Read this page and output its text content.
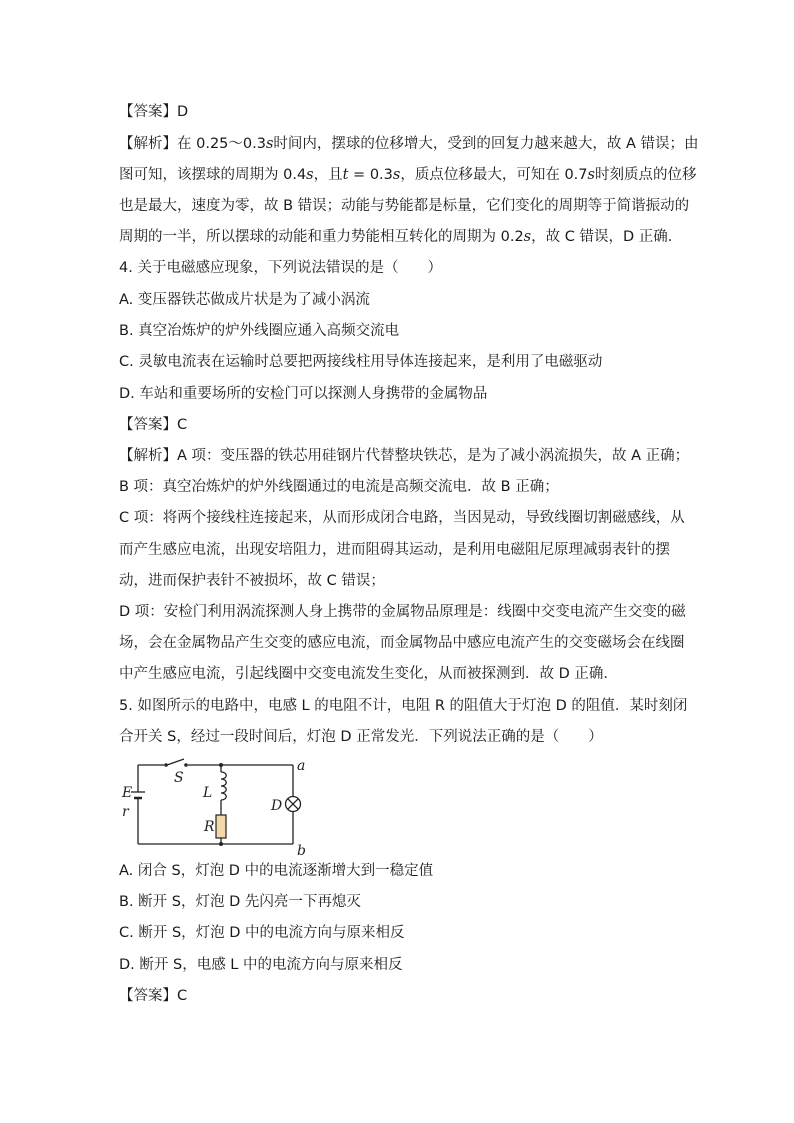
【答案】D
【解析】在 0.25～0.3s时间内，摆球的位移增大，受到的回复力越来越大，故 A 错误；由
图可知，该摆球的周期为 0.4s，且t = 0.3s，质点位移最大，可知在 0.7s时刻质点的位移
也是最大，速度为零，故 B 错误；动能与势能都是标量，它们变化的周期等于简谐振动的
周期的一半，所以摆球的动能和重力势能相互转化的周期为 0.2s，故 C 错误，D 正确．
4. 关于电磁感应现象，下列说法错误的是（　　）
A. 变压器铁芯做成片状是为了减小涡流
B. 真空冶炼炉的炉外线圈应通入高频交流电
C. 灵敏电流表在运输时总要把两接线柱用导体连接起来，是利用了电磁驱动
D. 车站和重要场所的安检门可以探测人身携带的金属物品
【答案】C
【解析】A 项：变压器的铁芯用硅钢片代替整块铁芯，是为了减小涡流损失，故 A 正确；
B 项：真空冶炼炉的炉外线圈通过的电流是高频交流电．故 B 正确；
C 项：将两个接线柱连接起来，从而形成闭合电路，当因晃动，导致线圈切割磁感线，从
而产生感应电流，出现安培阻力，进而阻碍其运动，是利用电磁阻尼原理减弱表针的摆
动，进而保护表针不被损坏，故 C 错误；
D 项：安检门利用涡流探测人身上携带的金属物品原理是：线圈中交变电流产生交变的磁
场，会在金属物品产生交变的感应电流，而金属物品中感应电流产生的交变磁场会在线圈
中产生感应电流，引起线圈中交变电流发生变化，从而被探测到．故 D 正确．
5. 如图所示的电路中，电感 L 的电阻不计，电阻 R 的阻值大于灯泡 D 的阻值．某时刻闭
合开关 S，经过一段时间后，灯泡 D 正常发光．下列说法正确的是（　　）
E
r
S
L
R
D
a
b
A. 闭合 S，灯泡 D 中的电流逐渐增大到一稳定值
B. 断开 S，灯泡 D 先闪亮一下再熄灭
C. 断开 S，灯泡 D 中的电流方向与原来相反
D. 断开 S，电感 L 中的电流方向与原来相反
【答案】C
